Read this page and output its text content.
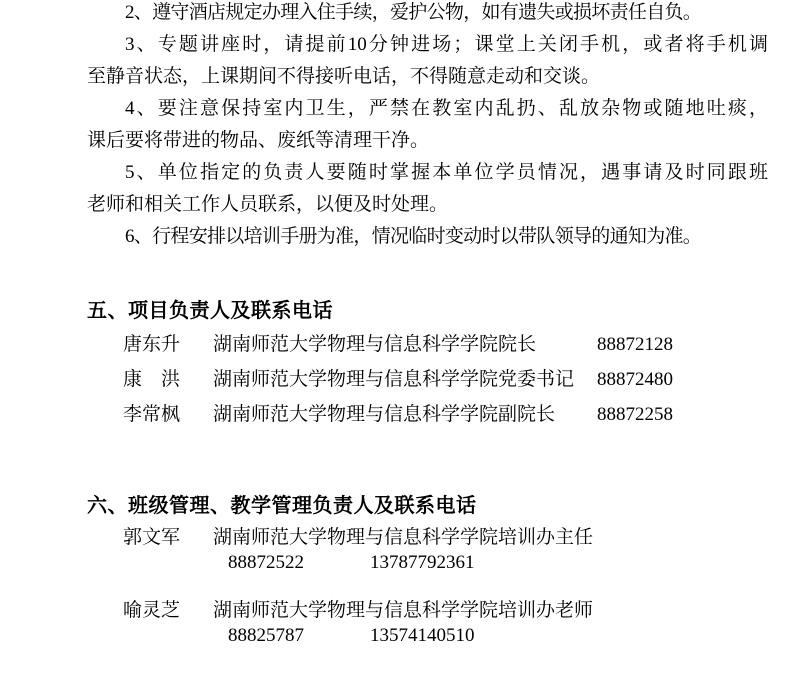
2、遵守酒店规定办理入住手续，爱护公物，如有遗失或损坏责任自负。
3、专题讲座时，请提前10分钟进场；课堂上关闭手机，或者将手机调
至静音状态，上课期间不得接听电话，不得随意走动和交谈。
4、要注意保持室内卫生，严禁在教室内乱扔、乱放杂物或随地吐痰，
课后要将带进的物品、废纸等清理干净。
5、单位指定的负责人要随时掌握本单位学员情况，遇事请及时同跟班
老师和相关工作人员联系，以便及时处理。
6、行程安排以培训手册为准，情况临时变动时以带队领导的通知为准。
五、项目负责人及联系电话
唐东升 湖南师范大学物理与信息科学学院院长	88872128
康　洪 湖南师范大学物理与信息科学学院党委书记 88872480
李常枫 湖南师范大学物理与信息科学学院副院长 88872258
六、班级管理、教学管理负责人及联系电话
郭文军 湖南师范大学物理与信息科学学院培训办主任
88872522	13787792361
喻灵芝 湖南师范大学物理与信息科学学院培训办老师
88825787	13574140510
